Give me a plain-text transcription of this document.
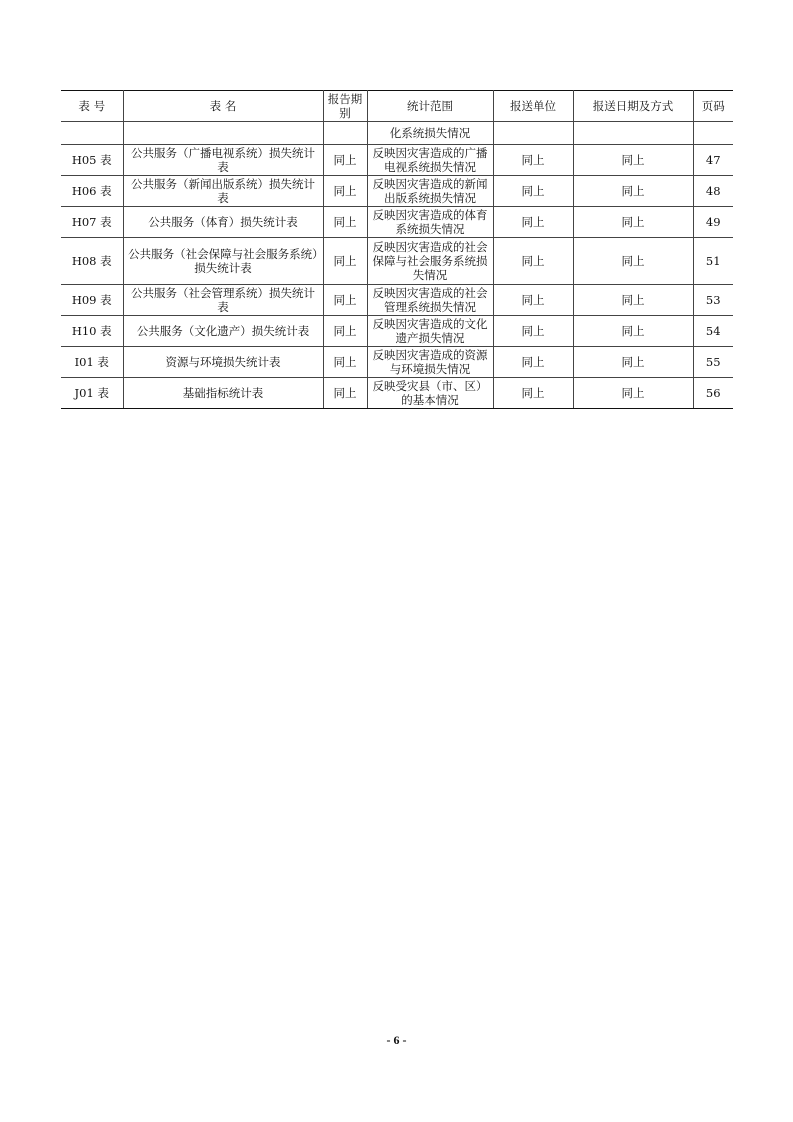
表 号	表 名	报告期别	统计范围	报送单位	报送日期及方式	页码
			化系统损失情况			
H05 表	公共服务（广播电视系统）损失统计表	同上	反映因灾害造成的广播电视系统损失情况	同上	同上	47
H06 表	公共服务（新闻出版系统）损失统计表	同上	反映因灾害造成的新闻出版系统损失情况	同上	同上	48
H07 表	公共服务（体育）损失统计表	同上	反映因灾害造成的体育系统损失情况	同上	同上	49
H08 表	公共服务（社会保障与社会服务系统）损失统计表	同上	反映因灾害造成的社会保障与社会服务系统损失情况	同上	同上	51
H09 表	公共服务（社会管理系统）损失统计表	同上	反映因灾害造成的社会管理系统损失情况	同上	同上	53
H10 表	公共服务（文化遗产）损失统计表	同上	反映因灾害造成的文化遗产损失情况	同上	同上	54
I01 表	资源与环境损失统计表	同上	反映因灾害造成的资源与环境损失情况	同上	同上	55
J01 表	基础指标统计表	同上	反映受灾县（市、区）的基本情况	同上	同上	56
- 6 -
